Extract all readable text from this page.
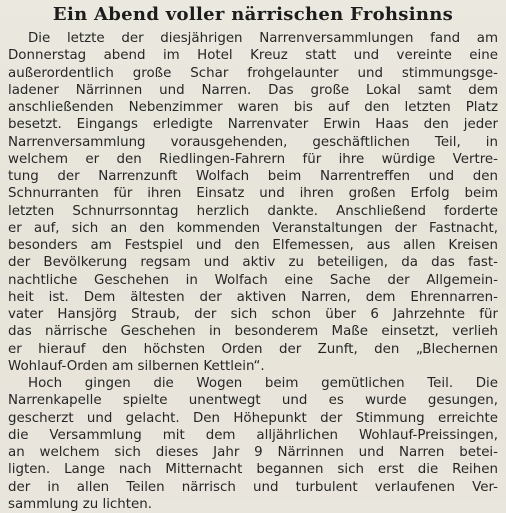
Ein Abend voller närrischen Frohsinns
Die letzte der diesjährigen Narrenversammlungen fand am
Donnerstag abend im Hotel Kreuz statt und vereinte eine
außerordentlich große Schar frohgelaunter und stimmungsge-
ladener Närrinnen und Narren. Das große Lokal samt dem
anschließenden Nebenzimmer waren bis auf den letzten Platz
besetzt. Eingangs erledigte Narrenvater Erwin Haas den jeder
Narrenversammlung vorausgehenden, geschäftlichen Teil, in
welchem er den Riedlingen-Fahrern für ihre würdige Vertre-
tung der Narrenzunft Wolfach beim Narrentreffen und den
Schnurranten für ihren Einsatz und ihren großen Erfolg beim
letzten Schnurrsonntag herzlich dankte. Anschließend forderte
er auf, sich an den kommenden Veranstaltungen der Fastnacht,
besonders am Festspiel und den Elfemessen, aus allen Kreisen
der Bevölkerung regsam und aktiv zu beteiligen, da das fast-
nachtliche Geschehen in Wolfach eine Sache der Allgemein-
heit ist. Dem ältesten der aktiven Narren, dem Ehrennarren-
vater Hansjörg Straub, der sich schon über 6 Jahrzehnte für
das närrische Geschehen in besonderem Maße einsetzt, verlieh
er hierauf den höchsten Orden der Zunft, den „Blechernen
Wohlauf-Orden am silbernen Kettlein“.
Hoch gingen die Wogen beim gemütlichen Teil. Die
Narrenkapelle spielte unentwegt und es wurde gesungen,
gescherzt und gelacht. Den Höhepunkt der Stimmung erreichte
die Versammlung mit dem alljährlichen Wohlauf-Preissingen,
an welchem sich dieses Jahr 9 Närrinnen und Narren betei-
ligten. Lange nach Mitternacht begannen sich erst die Reihen
der in allen Teilen närrisch und turbulent verlaufenen Ver-
sammlung zu lichten.
